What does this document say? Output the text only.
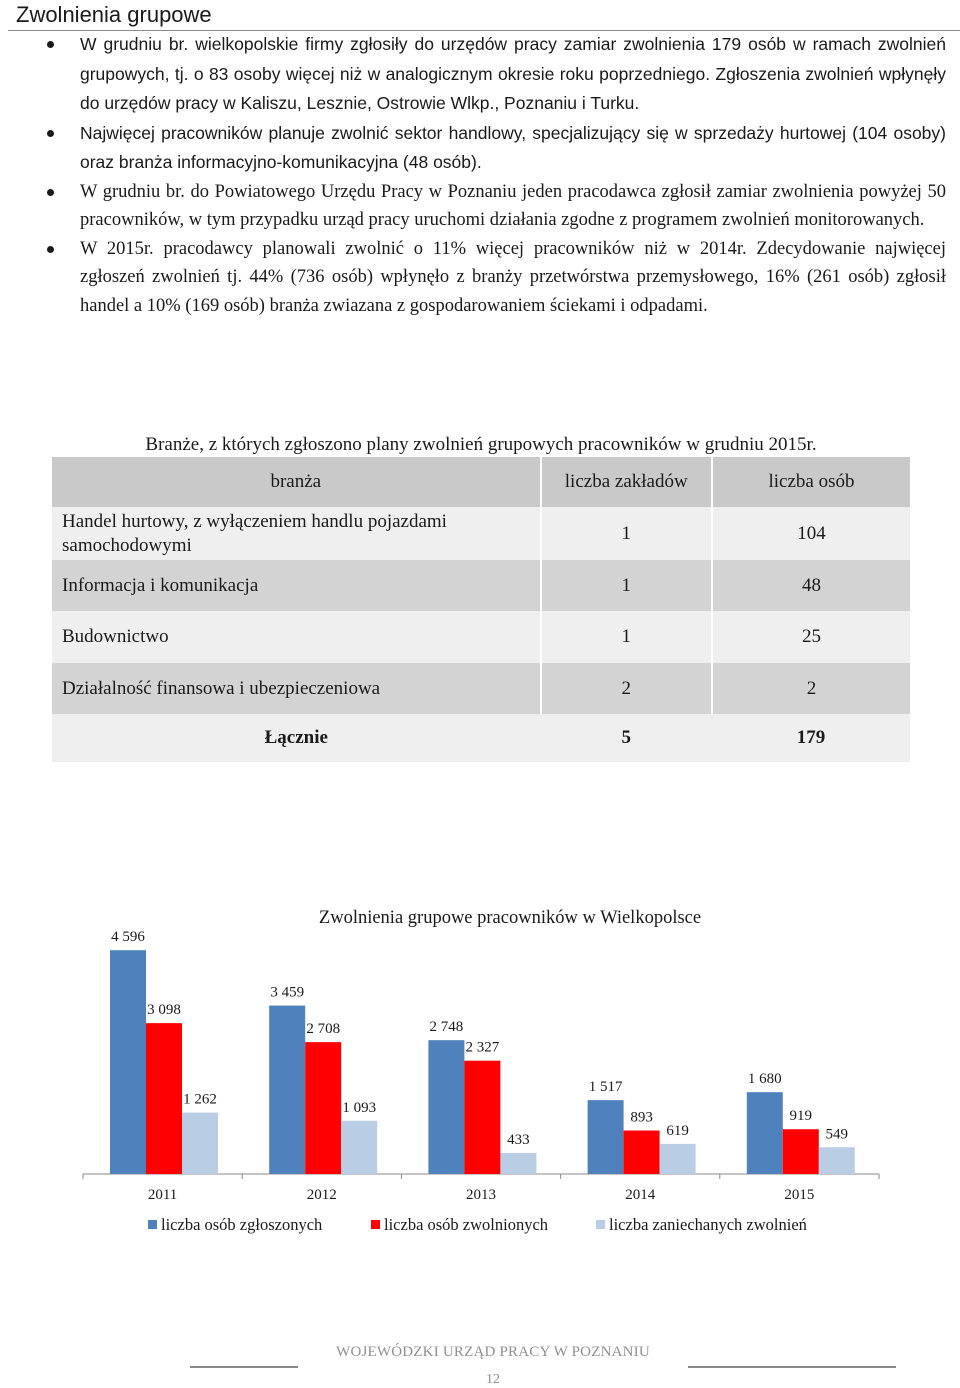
Zwolnienia grupowe
W grudniu br. wielkopolskie firmy zgłosiły do urzędów pracy zamiar zwolnienia 179 osób w ramach zwolnień grupowych, tj. o 83 osoby więcej niż w analogicznym okresie roku poprzedniego. Zgłoszenia zwolnień wpłynęły do urzędów pracy w Kaliszu, Lesznie, Ostrowie Wlkp., Poznaniu i Turku.
Najwięcej pracowników planuje zwolnić sektor handlowy, specjalizujący się w sprzedaży hurtowej (104 osoby) oraz branża informacyjno-komunikacyjna (48 osób).
W grudniu br. do Powiatowego Urzędu Pracy w Poznaniu jeden pracodawca zgłosił zamiar zwolnienia powyżej 50 pracowników, w tym przypadku urząd pracy uruchomi działania zgodne z programem zwolnień monitorowanych.
W 2015r. pracodawcy planowali zwolnić o 11% więcej pracowników niż w 2014r. Zdecydowanie najwięcej zgłoszeń zwolnień tj. 44% (736 osób) wpłynęło z branży przetwórstwa przemysłowego, 16% (261 osób) zgłosił handel a 10% (169 osób) branża zwiazana z gospodarowaniem ściekami i odpadami.
Branże, z których zgłoszono plany zwolnień grupowych pracowników w grudniu 2015r.
branża	liczba zakładów	liczba osób
Handel hurtowy, z wyłączeniem handlu pojazdami samochodowymi	1	104
Informacja i komunikacja	1	48
Budownictwo	1	25
Działalność finansowa i ubezpieczeniowa	2	2
Łącznie	5	179
Zwolnienia grupowe pracowników w Wielkopolsce
4 596
3 098
1 262
2011
3 459
2 708
1 093
2012
2 748
2 327
433
2013
1 517
893
619
2014
1 680
919
549
2015
liczba osób zgłoszonych	liczba osób zwolnionych	liczba zaniechanych zwolnień
WOJEWÓDZKI URZĄD PRACY W POZNANIU
12
